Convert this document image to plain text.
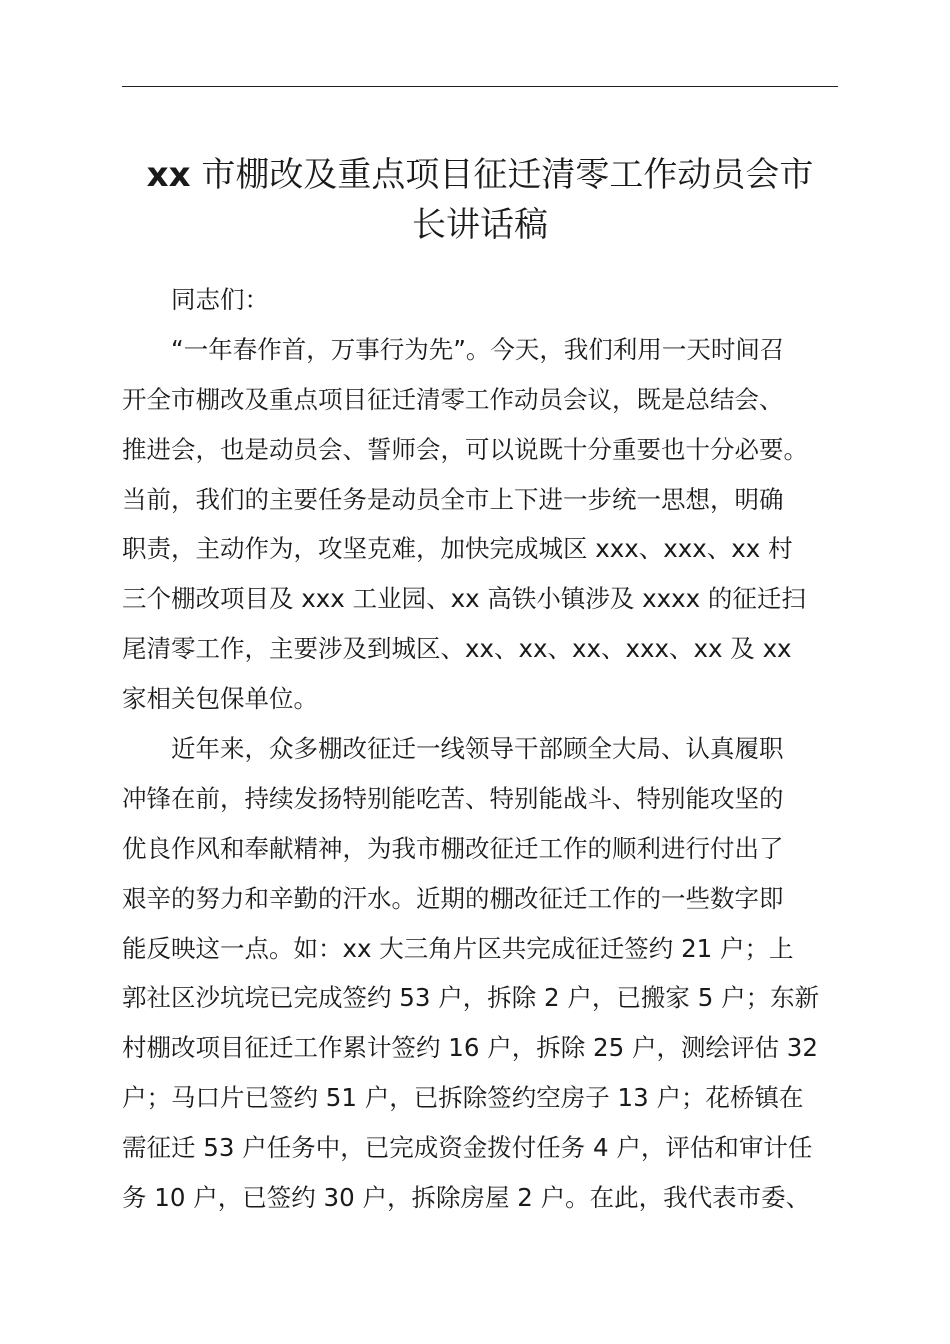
xx 市棚改及重点项目征迁清零工作动员会市
长讲话稿
同志们：
“一年春作首，万事行为先”。今天，我们利用一天时间召
开全市棚改及重点项目征迁清零工作动员会议，既是总结会、
推进会，也是动员会、誓师会，可以说既十分重要也十分必要。
当前，我们的主要任务是动员全市上下进一步统一思想，明确
职责，主动作为，攻坚克难，加快完成城区 xxx、xxx、xx 村
三个棚改项目及 xxx 工业园、xx 高铁小镇涉及 xxxx 的征迁扫
尾清零工作，主要涉及到城区、xx、xx、xx、xxx、xx 及 xx
家相关包保单位。
近年来，众多棚改征迁一线领导干部顾全大局、认真履职
冲锋在前，持续发扬特别能吃苦、特别能战斗、特别能攻坚的
优良作风和奉献精神，为我市棚改征迁工作的顺利进行付出了
艰辛的努力和辛勤的汗水。近期的棚改征迁工作的一些数字即
能反映这一点。如：xx 大三角片区共完成征迁签约 21 户；上
郭社区沙坑垸已完成签约 53 户，拆除 2 户，已搬家 5 户；东新
村棚改项目征迁工作累计签约 16 户，拆除 25 户，测绘评估 32
户；马口片已签约 51 户，已拆除签约空房子 13 户；花桥镇在
需征迁 53 户任务中，已完成资金拨付任务 4 户，评估和审计任
务 10 户，已签约 30 户，拆除房屋 2 户。在此，我代表市委、
